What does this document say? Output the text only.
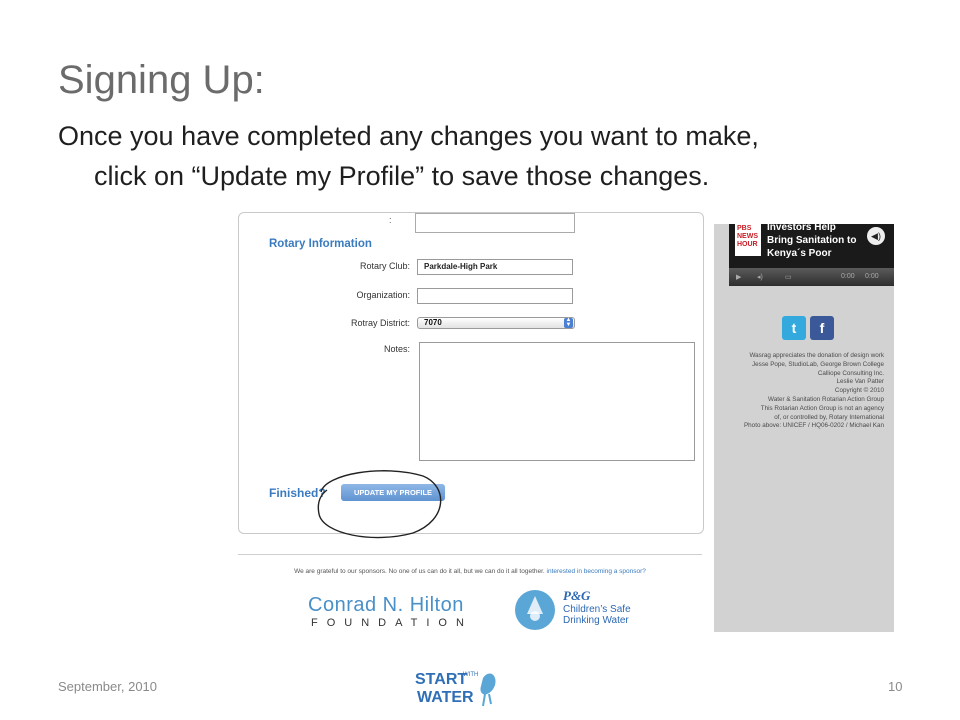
Signing Up:
Once you have completed any changes you want to make,
click on “Update my Profile” to save those changes.
:
Rotary Information
Rotary Club:	Parkdale-High Park
Organization:
Rotray District:	7070	▲
▼
Notes:
Finished?	UPDATE MY PROFILE
We are grateful to our sponsors. No one of us can do it all, but we can do it all together. interested in becoming a sponsor?
Conrad N. Hilton
FOUNDATION
P&G
Children’s Safe
Drinking Water
PBS
NEWS
HOUR
Investors Help
Bring Sanitation to
Kenya´s Poor
◀)
▶ ◂)	▭	0:00 0:00
t	f
Wasrag appreciates the donation of design work
Jesse Pope, StudioLab, George Brown College
Calliope Consulting Inc.
Leslie Van Patter
Copyright © 2010
Water & Sanitation Rotarian Action Group
This Rotarian Action Group is not an agency
of, or controlled by, Rotary International
Photo above: UNICEF / HQ06-0202 / Michael Kan
September, 2010	START
WITH
WATER
10
